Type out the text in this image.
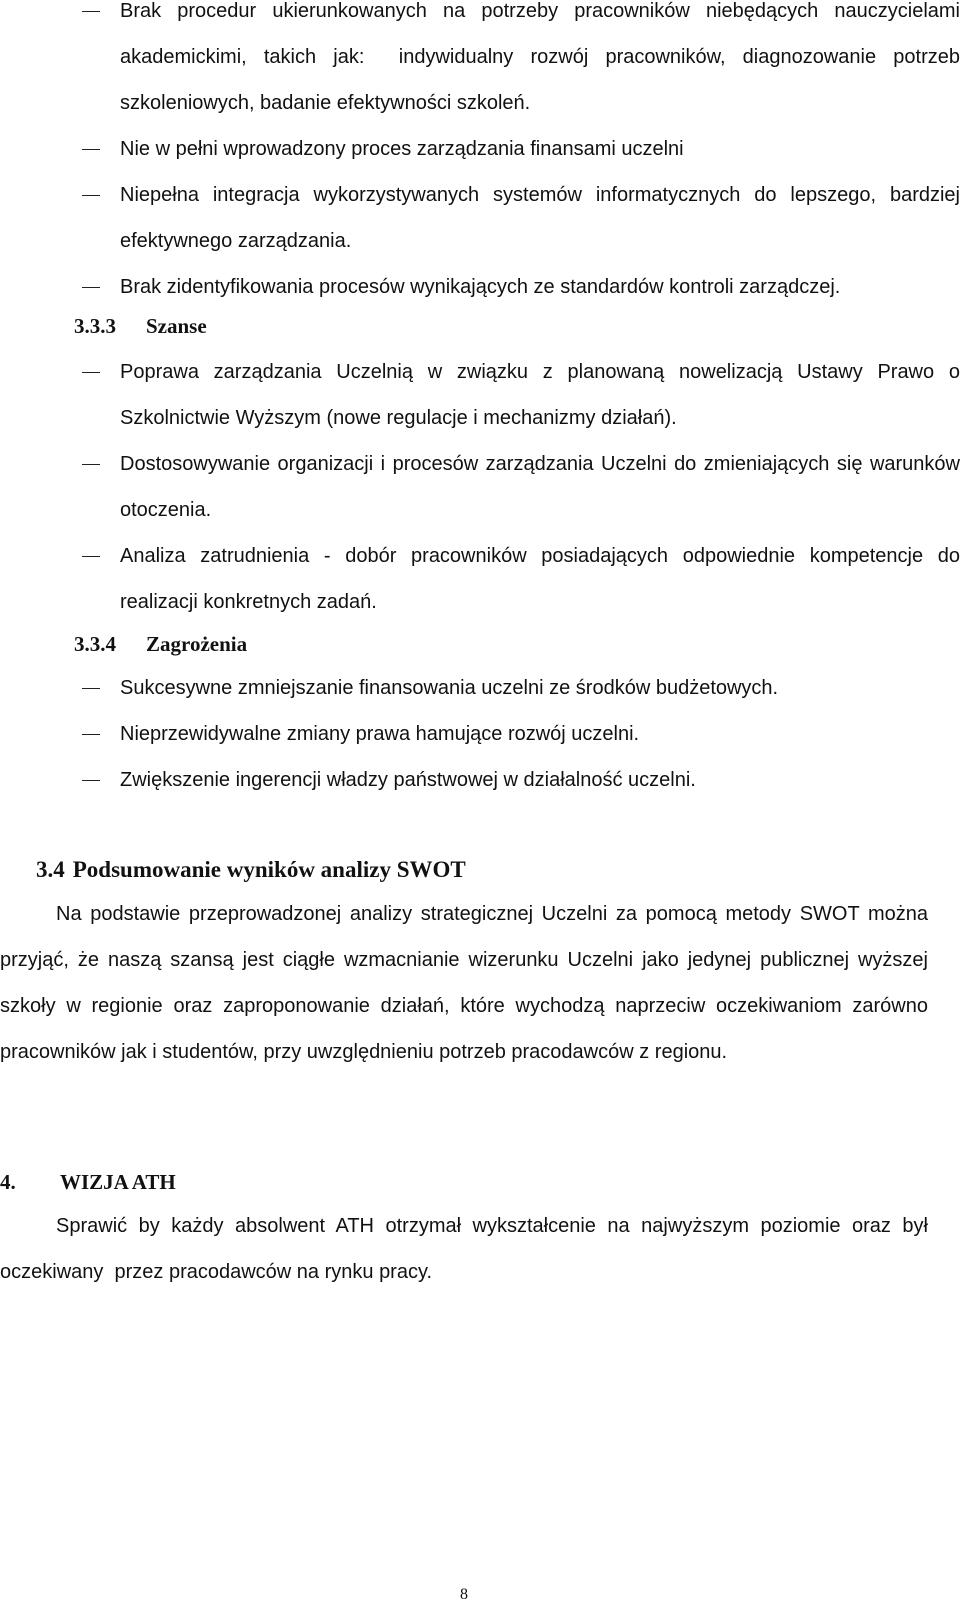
Brak procedur ukierunkowanych na potrzeby pracowników niebędących nauczycielami akademickimi, takich jak:  indywidualny rozwój pracowników, diagnozowanie potrzeb szkoleniowych, badanie efektywności szkoleń.
Nie w pełni wprowadzony proces zarządzania finansami uczelni
Niepełna integracja wykorzystywanych systemów informatycznych do lepszego, bardziej efektywnego zarządzania.
Brak zidentyfikowania procesów wynikających ze standardów kontroli zarządczej.
3.3.3 Szanse
Poprawa zarządzania Uczelnią w związku z planowaną nowelizacją Ustawy Prawo o Szkolnictwie Wyższym (nowe regulacje i mechanizmy działań).
Dostosowywanie organizacji i procesów zarządzania Uczelni do zmieniających się warunków otoczenia.
Analiza zatrudnienia - dobór pracowników posiadających odpowiednie kompetencje do realizacji konkretnych zadań.
3.3.4 Zagrożenia
Sukcesywne zmniejszanie finansowania uczelni ze środków budżetowych.
Nieprzewidywalne zmiany prawa hamujące rozwój uczelni.
Zwiększenie ingerencji władzy państwowej w działalność uczelni.
3.4 Podsumowanie wyników analizy SWOT

Na podstawie przeprowadzonej analizy strategicznej Uczelni za pomocą metody SWOT można przyjąć, że naszą szansą jest ciągłe wzmacnianie wizerunku Uczelni jako jedynej publicznej wyższej szkoły w regionie oraz zaproponowanie działań, które wychodzą naprzeciw oczekiwaniom zarówno pracowników jak i studentów, przy uwzględnieniu potrzeb pracodawców z regionu.

4. WIZJA ATH

Sprawić by każdy absolwent ATH otrzymał wykształcenie na najwyższym poziomie oraz był oczekiwany  przez pracodawców na rynku pracy.

8
